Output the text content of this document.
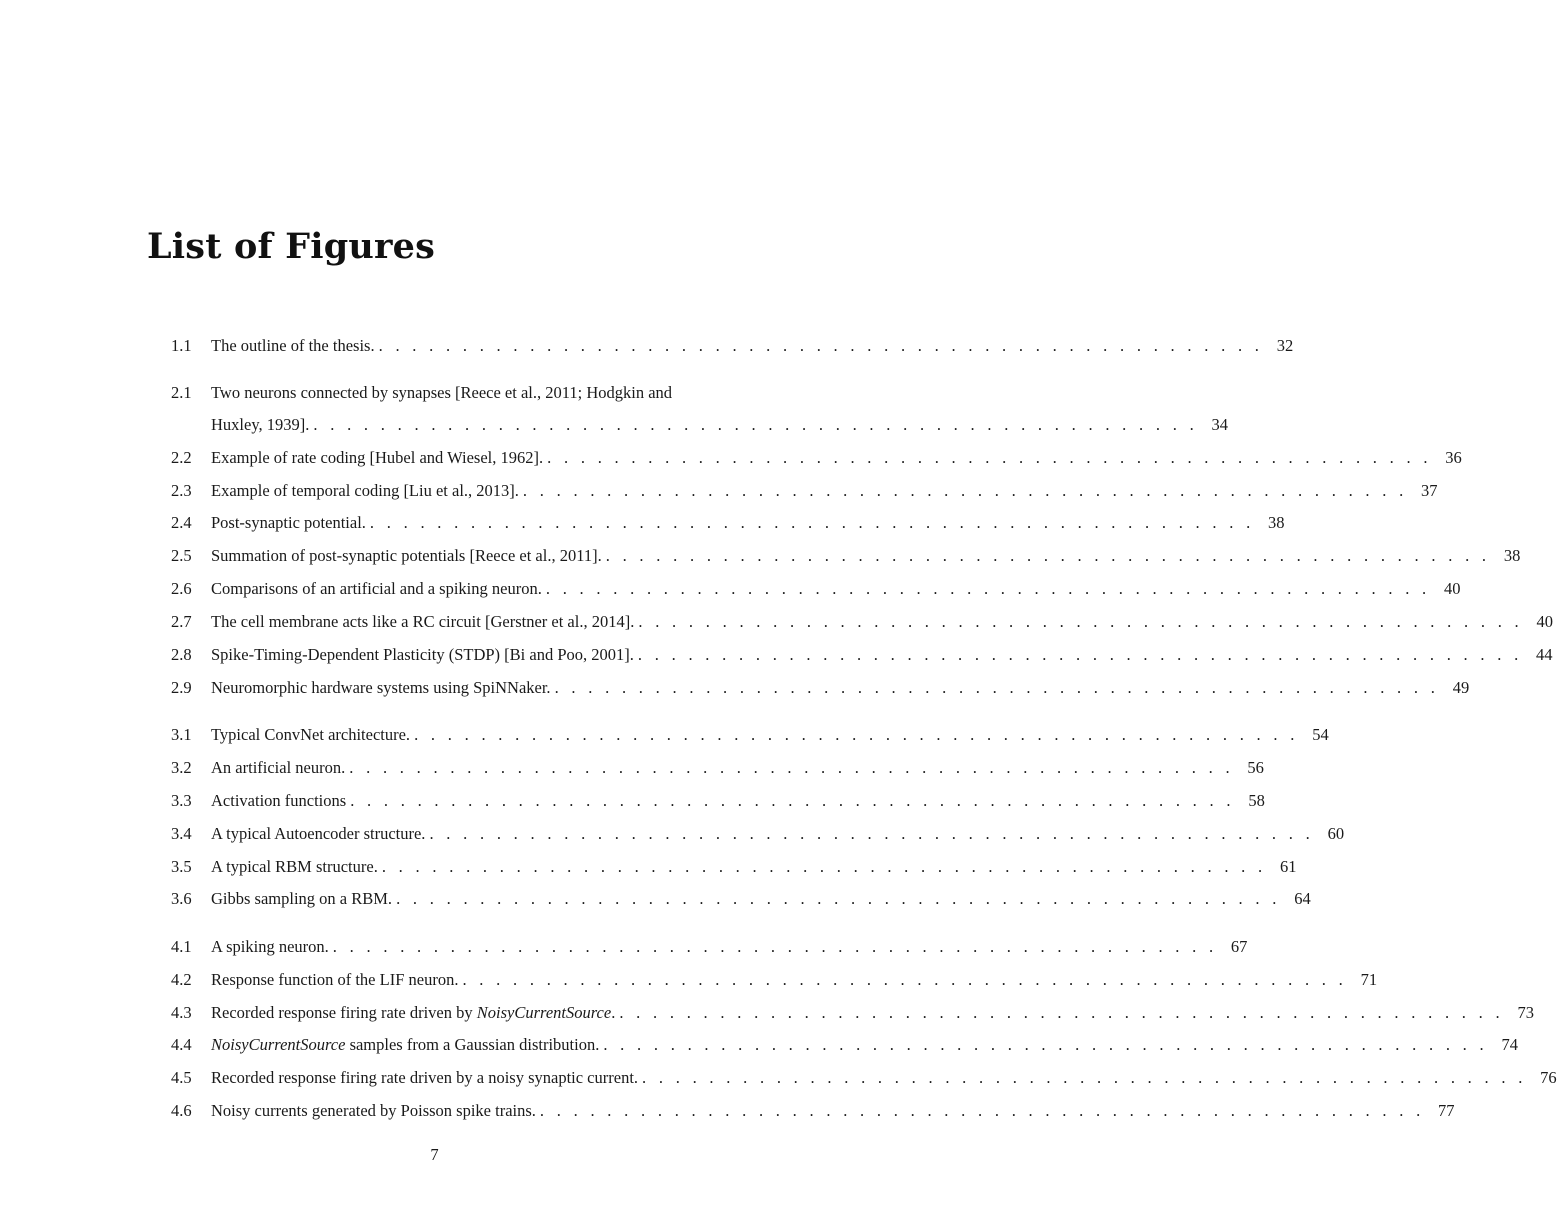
List of Figures
1.1	The outline of the thesis. . . . . . . . . . . . . . . . . . . . . . . . . . . . . . . . . . . . . . . . . . . . . . . . . . . . . . 32
2.1	Two neurons connected by synapses [Reece et al., 2011; Hodgkin and
Huxley, 1939]. . . . . . . . . . . . . . . . . . . . . . . . . . . . . . . . . . . . . . . . . . . . . . . . . . . . . . 34
2.2	Example of rate coding [Hubel and Wiesel, 1962]. . . . . . . . . . . . . . . . . . . . . . . . . . . . . . . . . . . . . . . . . . . . . . . . . . . . . . 36
2.3	Example of temporal coding [Liu et al., 2013]. . . . . . . . . . . . . . . . . . . . . . . . . . . . . . . . . . . . . . . . . . . . . . . . . . . . . . 37
2.4	Post-synaptic potential. . . . . . . . . . . . . . . . . . . . . . . . . . . . . . . . . . . . . . . . . . . . . . . . . . . . . . 38
2.5	Summation of post-synaptic potentials [Reece et al., 2011]. . . . . . . . . . . . . . . . . . . . . . . . . . . . . . . . . . . . . . . . . . . . . . . . . . . . . . 38
2.6	Comparisons of an artificial and a spiking neuron. . . . . . . . . . . . . . . . . . . . . . . . . . . . . . . . . . . . . . . . . . . . . . . . . . . . . . 40
2.7	The cell membrane acts like a RC circuit [Gerstner et al., 2014]. . . . . . . . . . . . . . . . . . . . . . . . . . . . . . . . . . . . . . . . . . . . . . . . . . . . . . 40
2.8	Spike-Timing-Dependent Plasticity (STDP) [Bi and Poo, 2001]. . . . . . . . . . . . . . . . . . . . . . . . . . . . . . . . . . . . . . . . . . . . . . . . . . . . . . 44
2.9	Neuromorphic hardware systems using SpiNNaker. . . . . . . . . . . . . . . . . . . . . . . . . . . . . . . . . . . . . . . . . . . . . . . . . . . . . . 49
3.1	Typical ConvNet architecture. . . . . . . . . . . . . . . . . . . . . . . . . . . . . . . . . . . . . . . . . . . . . . . . . . . . . . 54
3.2	An artificial neuron. . . . . . . . . . . . . . . . . . . . . . . . . . . . . . . . . . . . . . . . . . . . . . . . . . . . . . 56
3.3	Activation functions . . . . . . . . . . . . . . . . . . . . . . . . . . . . . . . . . . . . . . . . . . . . . . . . . . . . . 58
3.4	A typical Autoencoder structure. . . . . . . . . . . . . . . . . . . . . . . . . . . . . . . . . . . . . . . . . . . . . . . . . . . . . . 60
3.5	A typical RBM structure. . . . . . . . . . . . . . . . . . . . . . . . . . . . . . . . . . . . . . . . . . . . . . . . . . . . . . 61
3.6	Gibbs sampling on a RBM. . . . . . . . . . . . . . . . . . . . . . . . . . . . . . . . . . . . . . . . . . . . . . . . . . . . . . 64
4.1	A spiking neuron. . . . . . . . . . . . . . . . . . . . . . . . . . . . . . . . . . . . . . . . . . . . . . . . . . . . . . 67
4.2	Response function of the LIF neuron. . . . . . . . . . . . . . . . . . . . . . . . . . . . . . . . . . . . . . . . . . . . . . . . . . . . . . 71
4.3	Recorded response firing rate driven by NoisyCurrentSource. . . . . . . . . . . . . . . . . . . . . . . . . . . . . . . . . . . . . . . . . . . . . . . . . . . . . . 73
4.4	NoisyCurrentSource samples from a Gaussian distribution. . . . . . . . . . . . . . . . . . . . . . . . . . . . . . . . . . . . . . . . . . . . . . . . . . . . . . 74
4.5	Recorded response firing rate driven by a noisy synaptic current. . . . . . . . . . . . . . . . . . . . . . . . . . . . . . . . . . . . . . . . . . . . . . . . . . . . . . 76
4.6	Noisy currents generated by Poisson spike trains. . . . . . . . . . . . . . . . . . . . . . . . . . . . . . . . . . . . . . . . . . . . . . . . . . . . . . 77
7
